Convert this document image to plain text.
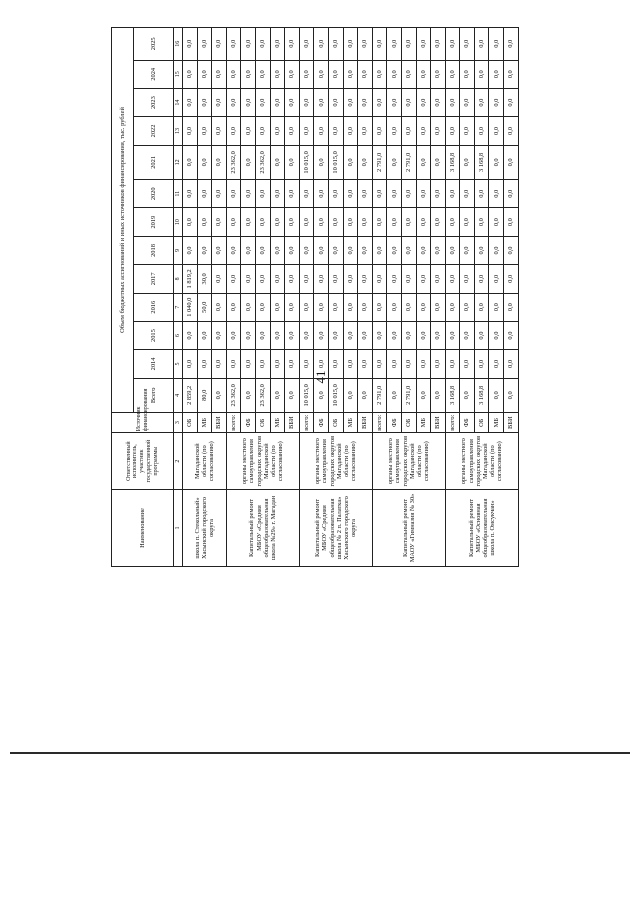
41
Наименование	Ответственный исполнитель, участник государственной программы	Источник финансирования	Объем бюджетных ассигнований и иных источников финансирования, тыс. рублей												
			Всего	2014	2015	2016	2017	2018	2019	2020	2021	2022	2023	2024	2025
1	2	3	4	5	6	7	8	9	10	11	12	13	14	15	16
школа п. Стекольный» Хасынский городского округа	Магаданской области (по согласованию)	ОБ	2 859,2	0,0	0,0	1 040,0	1 819,2	0,0	0,0	0,0	0,0	0,0	0,0	0,0	0,0
		МБ	80,0	0,0	0,0	50,0	30,0	0,0	0,0	0,0	0,0	0,0	0,0	0,0	0,0
		ВБИ	0,0	0,0	0,0	0,0	0,0	0,0	0,0	0,0	0,0	0,0	0,0	0,0	0,0
Капитальный ремонт МБОУ «Средняя общеобразовательная школа №29» г. Магадан	органы местного самоуправления городских округов Магаданской области (по согласованию)	всего:	23 362,0	0,0	0,0	0,0	0,0	0,0	0,0	0,0	23 362,0	0,0	0,0	0,0	0,0
		ФБ	0,0	0,0	0,0	0,0	0,0	0,0	0,0	0,0	0,0	0,0	0,0	0,0	0,0
		ОБ	23 362,0	0,0	0,0	0,0	0,0	0,0	0,0	0,0	23 362,0	0,0	0,0	0,0	0,0
		МБ	0,0	0,0	0,0	0,0	0,0	0,0	0,0	0,0	0,0	0,0	0,0	0,0	0,0
		ВБИ	0,0	0,0	0,0	0,0	0,0	0,0	0,0	0,0	0,0	0,0	0,0	0,0	0,0
Капитальный ремонт МБОУ «Средняя общеобразовательная школа № 2 п. Палатка» Хасынского городского округа	органы местного самоуправления городских округов Магаданской области (по согласованию)	всего:	10 015,0	0,0	0,0	0,0	0,0	0,0	0,0	0,0	10 015,0	0,0	0,0	0,0	0,0
		ФБ	0,0	0,0	0,0	0,0	0,0	0,0	0,0	0,0	0,0	0,0	0,0	0,0	0,0
		ОБ	10 015,0	0,0	0,0	0,0	0,0	0,0	0,0	0,0	10 015,0	0,0	0,0	0,0	0,0
		МБ	0,0	0,0	0,0	0,0	0,0	0,0	0,0	0,0	0,0	0,0	0,0	0,0	0,0
		ВБИ	0,0	0,0	0,0	0,0	0,0	0,0	0,0	0,0	0,0	0,0	0,0	0,0	0,0
Капитальный ремонт МАОУ «Гимназия № 30»	органы местного самоуправления городских округов Магаданской области (по согласованию)	всего:	2 791,0	0,0	0,0	0,0	0,0	0,0	0,0	0,0	2 791,0	0,0	0,0	0,0	0,0
		ФБ	0,0	0,0	0,0	0,0	0,0	0,0	0,0	0,0	0,0	0,0	0,0	0,0	0,0
		ОБ	2 791,0	0,0	0,0	0,0	0,0	0,0	0,0	0,0	2 791,0	0,0	0,0	0,0	0,0
		МБ	0,0	0,0	0,0	0,0	0,0	0,0	0,0	0,0	0,0	0,0	0,0	0,0	0,0
		ВБИ	0,0	0,0	0,0	0,0	0,0	0,0	0,0	0,0	0,0	0,0	0,0	0,0	0,0
Капитальный ремонт МБОУ «Основная общеобразовательная школа п. Омсукчан»	органы местного самоуправления городских округов Магаданской области (по согласованию)	всего:	3 168,8	0,0	0,0	0,0	0,0	0,0	0,0	0,0	3 168,8	0,0	0,0	0,0	0,0
		ФБ	0,0	0,0	0,0	0,0	0,0	0,0	0,0	0,0	0,0	0,0	0,0	0,0	0,0
		ОБ	3 168,8	0,0	0,0	0,0	0,0	0,0	0,0	0,0	3 168,8	0,0	0,0	0,0	0,0
		МБ	0,0	0,0	0,0	0,0	0,0	0,0	0,0	0,0	0,0	0,0	0,0	0,0	0,0
		ВБИ	0,0	0,0	0,0	0,0	0,0	0,0	0,0	0,0	0,0	0,0	0,0	0,0	0,0
